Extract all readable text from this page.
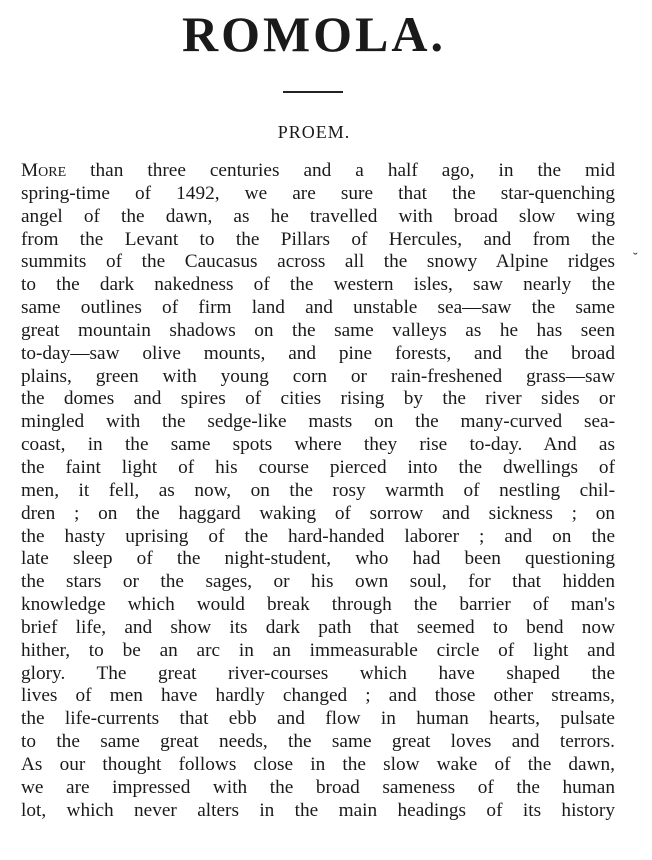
ROMOLA.
PROEM.
˘
More than three centuries and a half ago, in the mid
spring-time of 1492, we are sure that the star-quenching
angel of the dawn, as he travelled with broad slow wing
from the Levant to the Pillars of Hercules, and from the
summits of the Caucasus across all the snowy Alpine ridges
to the dark nakedness of the western isles, saw nearly the
same outlines of firm land and unstable sea—saw the same
great mountain shadows on the same valleys as he has seen
to-day—saw olive mounts, and pine forests, and the broad
plains, green with young corn or rain-freshened grass—saw
the domes and spires of cities rising by the river sides or
mingled with the sedge-like masts on the many-curved sea-
coast, in the same spots where they rise to-day. And as
the faint light of his course pierced into the dwellings of
men, it fell, as now, on the rosy warmth of nestling chil-
dren ; on the haggard waking of sorrow and sickness ; on
the hasty uprising of the hard-handed laborer ; and on the
late sleep of the night-student, who had been questioning
the stars or the sages, or his own soul, for that hidden
knowledge which would break through the barrier of man's
brief life, and show its dark path that seemed to bend now
hither, to be an arc in an immeasurable circle of light and
glory. The great river-courses which have shaped the
lives of men have hardly changed ; and those other streams,
the life-currents that ebb and flow in human hearts, pulsate
to the same great needs, the same great loves and terrors.
As our thought follows close in the slow wake of the dawn,
we are impressed with the broad sameness of the human
lot, which never alters in the main headings of its history
